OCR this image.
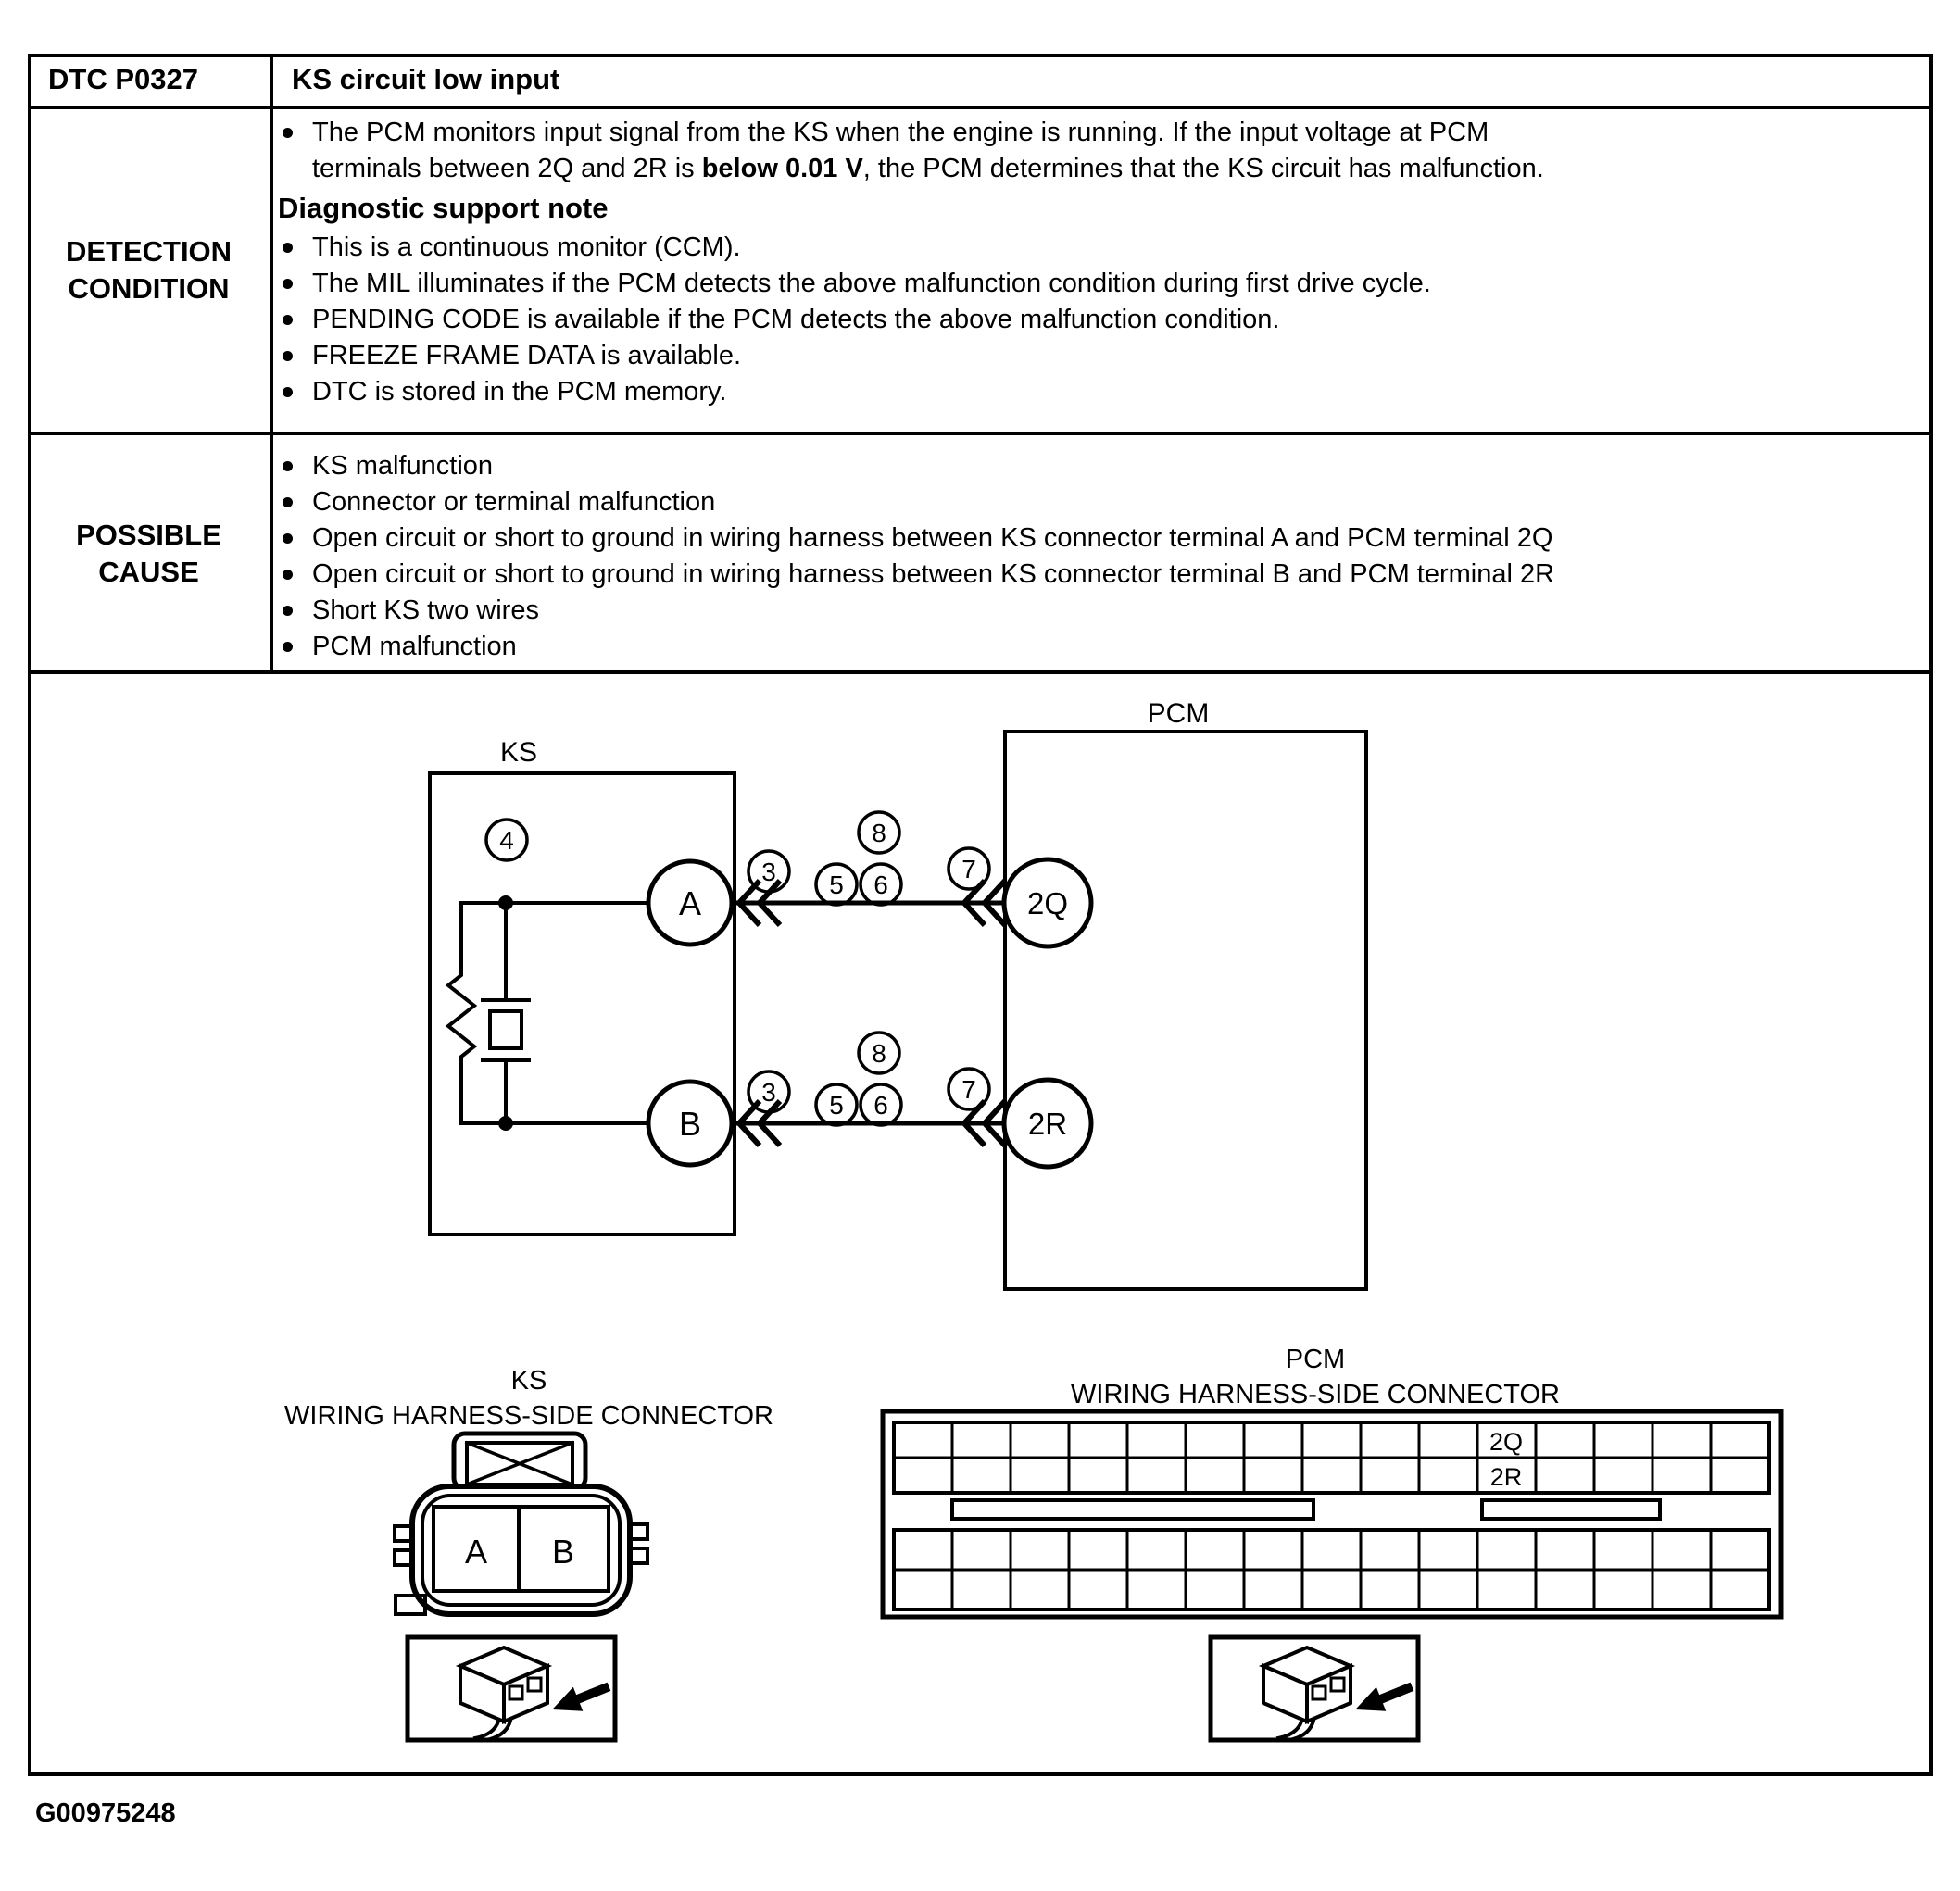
DTC P0327	KS circuit low input
DETECTION
CONDITION
The PCM monitors input signal from the KS when the engine is running. If the input voltage at PCM
terminals between 2Q and 2R is below 0.01 V, the PCM determines that the KS circuit has malfunction.
Diagnostic support note
This is a continuous monitor (CCM).
The MIL illuminates if the PCM detects the above malfunction condition during first drive cycle.
PENDING CODE is available if the PCM detects the above malfunction condition.
FREEZE FRAME DATA is available.
DTC is stored in the PCM memory.
POSSIBLE
CAUSE
KS malfunction
Connector or terminal malfunction
Open circuit or short to ground in wiring harness between KS connector terminal A and PCM terminal 2Q
Open circuit or short to ground in wiring harness between KS connector terminal B and PCM terminal 2R
Short KS two wires
PCM malfunction
KS
PCM
A
B
2Q
2R
4
3 5 6
8
7
3 5 6
8
7
KS
WIRING HARNESS-SIDE CONNECTOR
A B
PCM
WIRING HARNESS-SIDE CONNECTOR
2Q
2R
G00975248
